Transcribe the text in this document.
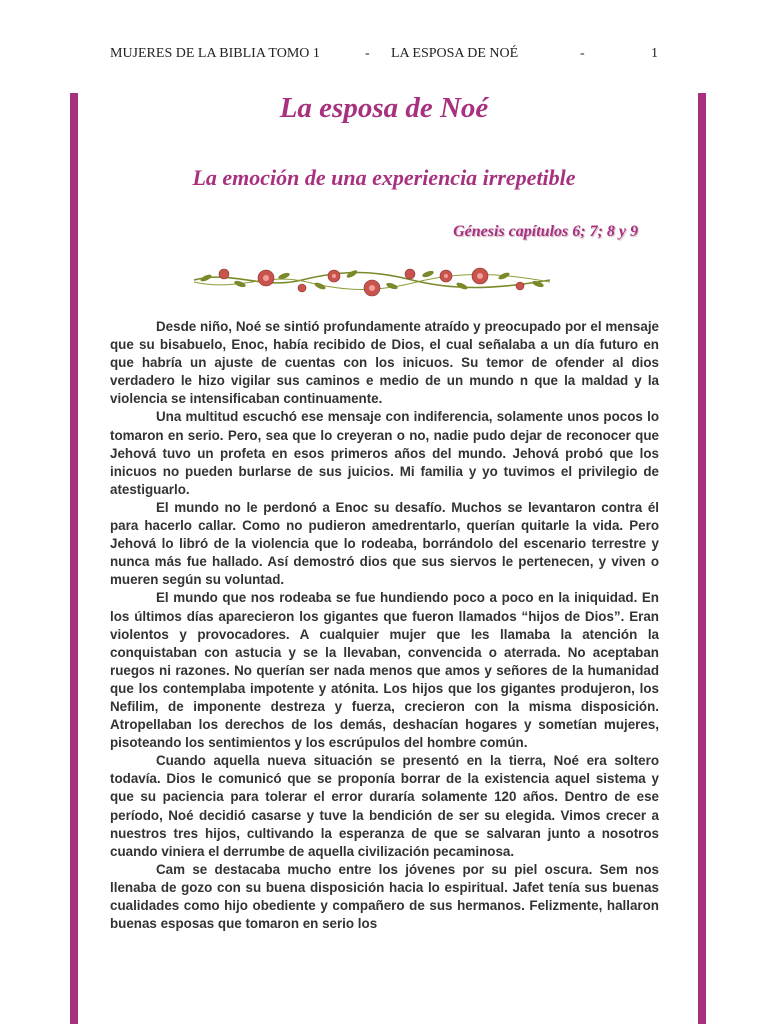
MUJERES DE LA BIBLIA TOMO 1	- LA ESPOSA DE NOÉ	-	1
La esposa de Noé
La emoción de una experiencia irrepetible
Génesis capítulos 6; 7; 8 y 9

Desde niño, Noé se sintió profundamente atraído y preocupado por el mensaje que su bisabuelo, Enoc, había recibido de Dios, el cual señalaba a un día futuro en que habría un ajuste de cuentas con los inicuos. Su temor de ofender al dios verdadero le hizo vigilar sus caminos e medio de un mundo n que la maldad y la violencia se intensificaban continuamente.

Una multitud escuchó ese mensaje con indiferencia, solamente unos pocos lo tomaron en serio. Pero, sea que lo creyeran o no, nadie pudo dejar de reconocer que Jehová tuvo un profeta en esos primeros años del mundo. Jehová probó que los inicuos no pueden burlarse de sus juicios. Mi familia y yo tuvimos el privilegio de atestiguarlo.

El mundo no le perdonó a Enoc su desafío. Muchos se levantaron contra él para hacerlo callar. Como no pudieron amedrentarlo, querían quitarle la vida. Pero Jehová lo libró de la violencia que lo rodeaba, borrándolo del escenario terrestre y nunca más fue hallado. Así demostró dios que sus siervos le pertenecen, y viven o mueren según su voluntad.

El mundo que nos rodeaba se fue hundiendo poco a poco en la iniquidad. En los últimos días aparecieron los gigantes que fueron llamados “hijos de Dios”. Eran violentos y provocadores. A cualquier mujer que les llamaba la atención la conquistaban con astucia y se la llevaban, convencida o aterrada. No aceptaban ruegos ni razones. No querían ser nada menos que amos y señores de la humanidad que los contemplaba impotente y atónita. Los hijos que los gigantes produjeron, los Nefilim, de imponente destreza y fuerza, crecieron con la misma disposición. Atropellaban los derechos de los demás, deshacían hogares y sometían mujeres, pisoteando los sentimientos y los escrúpulos del hombre común.

Cuando aquella nueva situación se presentó en la tierra, Noé era soltero todavía. Dios le comunicó que se proponía borrar de la existencia aquel sistema y que su paciencia para tolerar el error duraría solamente 120 años. Dentro de ese período, Noé decidió casarse y tuve la bendición de ser su elegida. Vimos crecer a nuestros tres hijos, cultivando la esperanza de que se salvaran junto a nosotros cuando viniera el derrumbe de aquella civilización pecaminosa.

Cam se destacaba mucho entre los jóvenes por su piel oscura. Sem nos llenaba de gozo con su buena disposición hacia lo espiritual. Jafet tenía sus buenas cualidades como hijo obediente y compañero de sus hermanos. Felizmente, hallaron buenas esposas que tomaron en serio los
